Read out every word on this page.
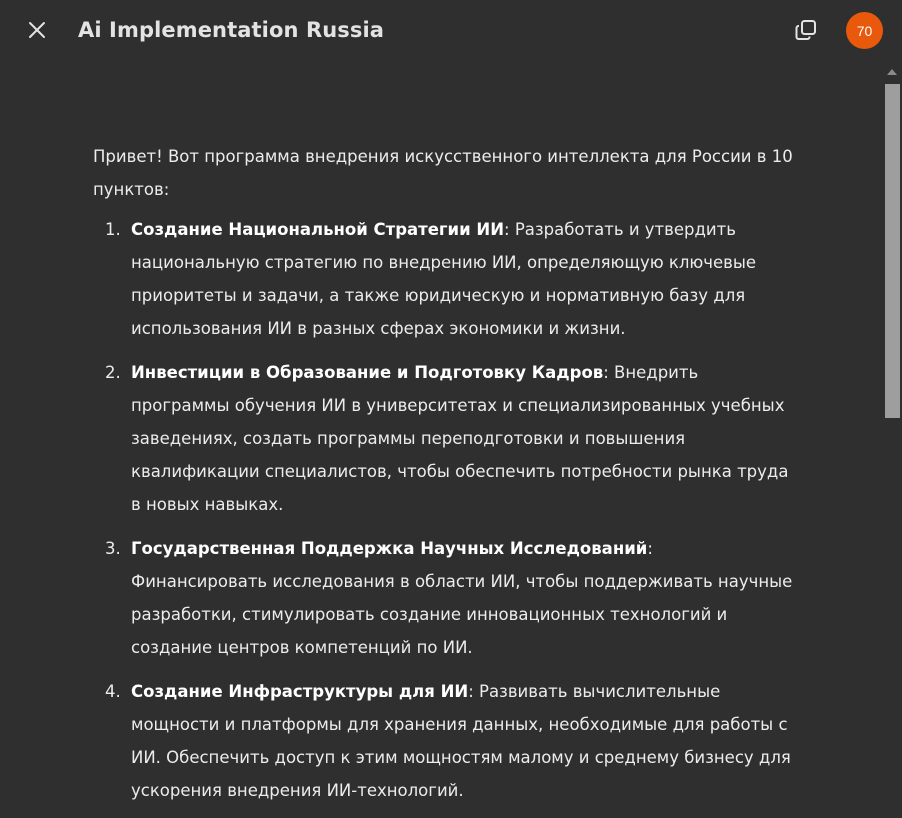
Ai Implementation Russia	70

Привет! Вот программа внедрения искусственного интеллекта для России в 10 пунктов:

1. Создание Национальной Стратегии ИИ: Разработать и утвердить национальную стратегию по внедрению ИИ, определяющую ключевые приоритеты и задачи, а также юридическую и нормативную базу для использования ИИ в разных сферах экономики и жизни.
2. Инвестиции в Образование и Подготовку Кадров: Внедрить программы обучения ИИ в университетах и специализированных учебных заведениях, создать программы переподготовки и повышения квалификации специалистов, чтобы обеспечить потребности рынка труда в новых навыках.
3. Государственная Поддержка Научных Исследований: Финансировать исследования в области ИИ, чтобы поддерживать научные разработки, стимулировать создание инновационных технологий и создание центров компетенций по ИИ.
4. Создание Инфраструктуры для ИИ: Развивать вычислительные мощности и платформы для хранения данных, необходимые для работы с ИИ. Обеспечить доступ к этим мощностям малому и среднему бизнесу для ускорения внедрения ИИ-технологий.
